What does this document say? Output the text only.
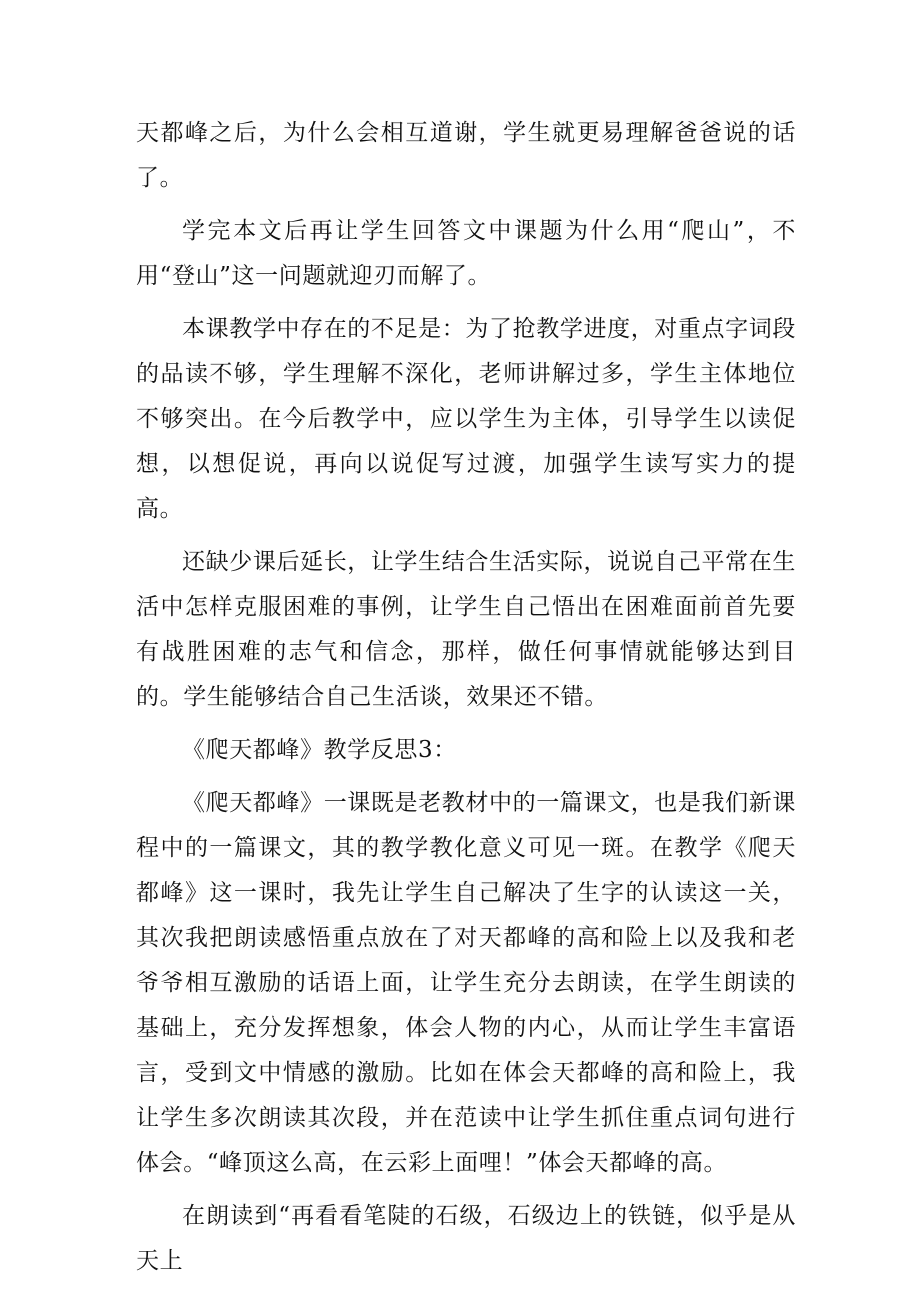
天都峰之后，为什么会相互道谢，学生就更易理解爸爸说的话了。

学完本文后再让学生回答文中课题为什么用“爬山”，不用“登山”这一问题就迎刃而解了。

本课教学中存在的不足是：为了抢教学进度，对重点字词段的品读不够，学生理解不深化，老师讲解过多，学生主体地位不够突出。在今后教学中，应以学生为主体，引导学生以读促想，以想促说，再向以说促写过渡，加强学生读写实力的提高。

还缺少课后延长，让学生结合生活实际，说说自己平常在生活中怎样克服困难的事例，让学生自己悟出在困难面前首先要有战胜困难的志气和信念，那样，做任何事情就能够达到目的。学生能够结合自己生活谈，效果还不错。

《爬天都峰》教学反思3：

《爬天都峰》一课既是老教材中的一篇课文，也是我们新课程中的一篇课文，其的教学教化意义可见一斑。在教学《爬天都峰》这一课时，我先让学生自己解决了生字的认读这一关，其次我把朗读感悟重点放在了对天都峰的高和险上以及我和老爷爷相互激励的话语上面，让学生充分去朗读，在学生朗读的基础上，充分发挥想象，体会人物的内心，从而让学生丰富语言，受到文中情感的激励。比如在体会天都峰的高和险上，我让学生多次朗读其次段，并在范读中让学生抓住重点词句进行体会。“峰顶这么高，在云彩上面哩！”体会天都峰的高。

在朗读到“再看看笔陡的石级，石级边上的铁链，似乎是从天上
